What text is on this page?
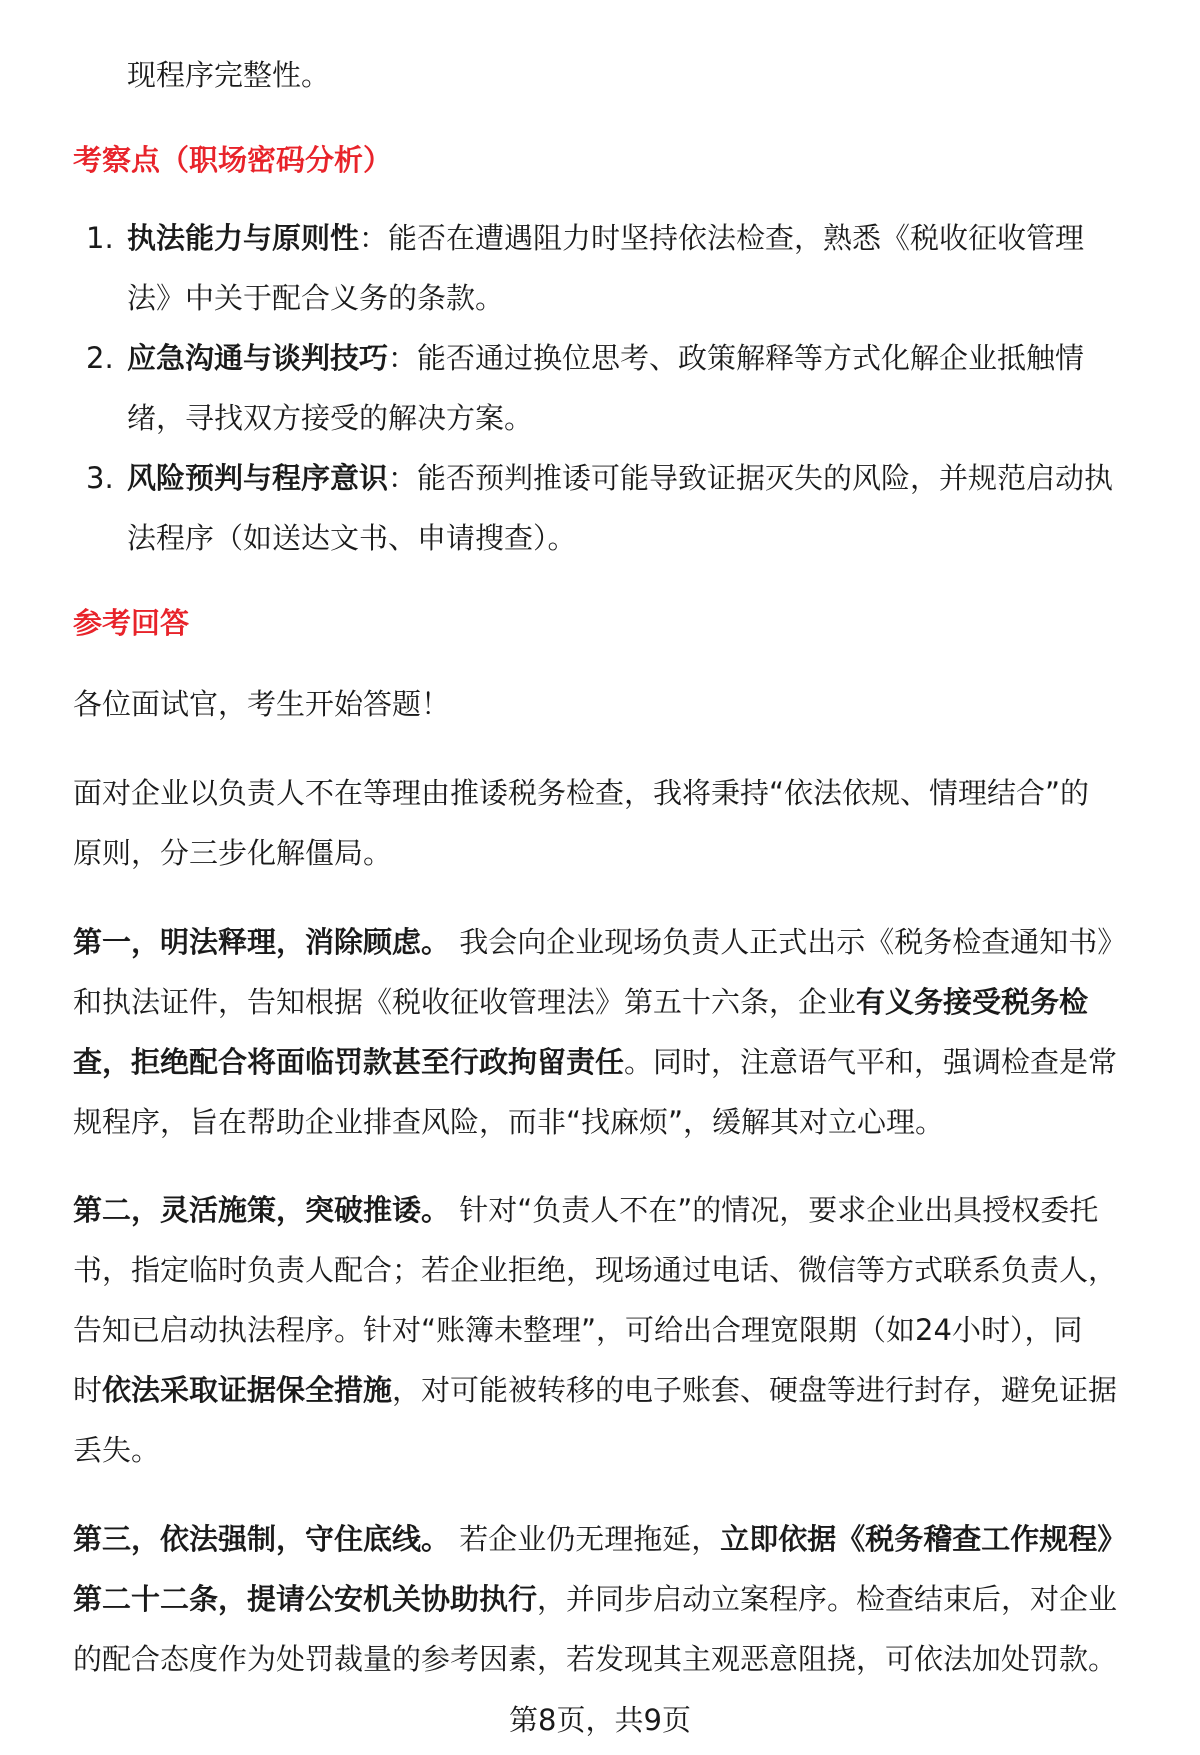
现程序完整性。
考察点（职场密码分析）
1. 执法能力与原则性：能否在遭遇阻力时坚持依法检查，熟悉《税收征收管理
法》中关于配合义务的条款。
2. 应急沟通与谈判技巧：能否通过换位思考、政策解释等方式化解企业抵触情
绪，寻找双方接受的解决方案。
3. 风险预判与程序意识：能否预判推诿可能导致证据灭失的风险，并规范启动执
法程序（如送达文书、申请搜查）。
参考回答
各位面试官，考生开始答题！
面对企业以负责人不在等理由推诿税务检查，我将秉持“依法依规、情理结合”的
原则，分三步化解僵局。
第一，明法释理，消除顾虑。 我会向企业现场负责人正式出示《税务检查通知书》
和执法证件，告知根据《税收征收管理法》第五十六条，企业有义务接受税务检
查，拒绝配合将面临罚款甚至行政拘留责任。同时，注意语气平和，强调检查是常
规程序，旨在帮助企业排查风险，而非“找麻烦”，缓解其对立心理。
第二，灵活施策，突破推诿。 针对“负责人不在”的情况，要求企业出具授权委托
书，指定临时负责人配合；若企业拒绝，现场通过电话、微信等方式联系负责人，
告知已启动执法程序。针对“账簿未整理”，可给出合理宽限期（如24小时），同
时依法采取证据保全措施，对可能被转移的电子账套、硬盘等进行封存，避免证据
丢失。
第三，依法强制，守住底线。 若企业仍无理拖延，立即依据《税务稽查工作规程》
第二十二条，提请公安机关协助执行，并同步启动立案程序。检查结束后，对企业
的配合态度作为处罚裁量的参考因素，若发现其主观恶意阻挠，可依法加处罚款。
第8页，共9页
